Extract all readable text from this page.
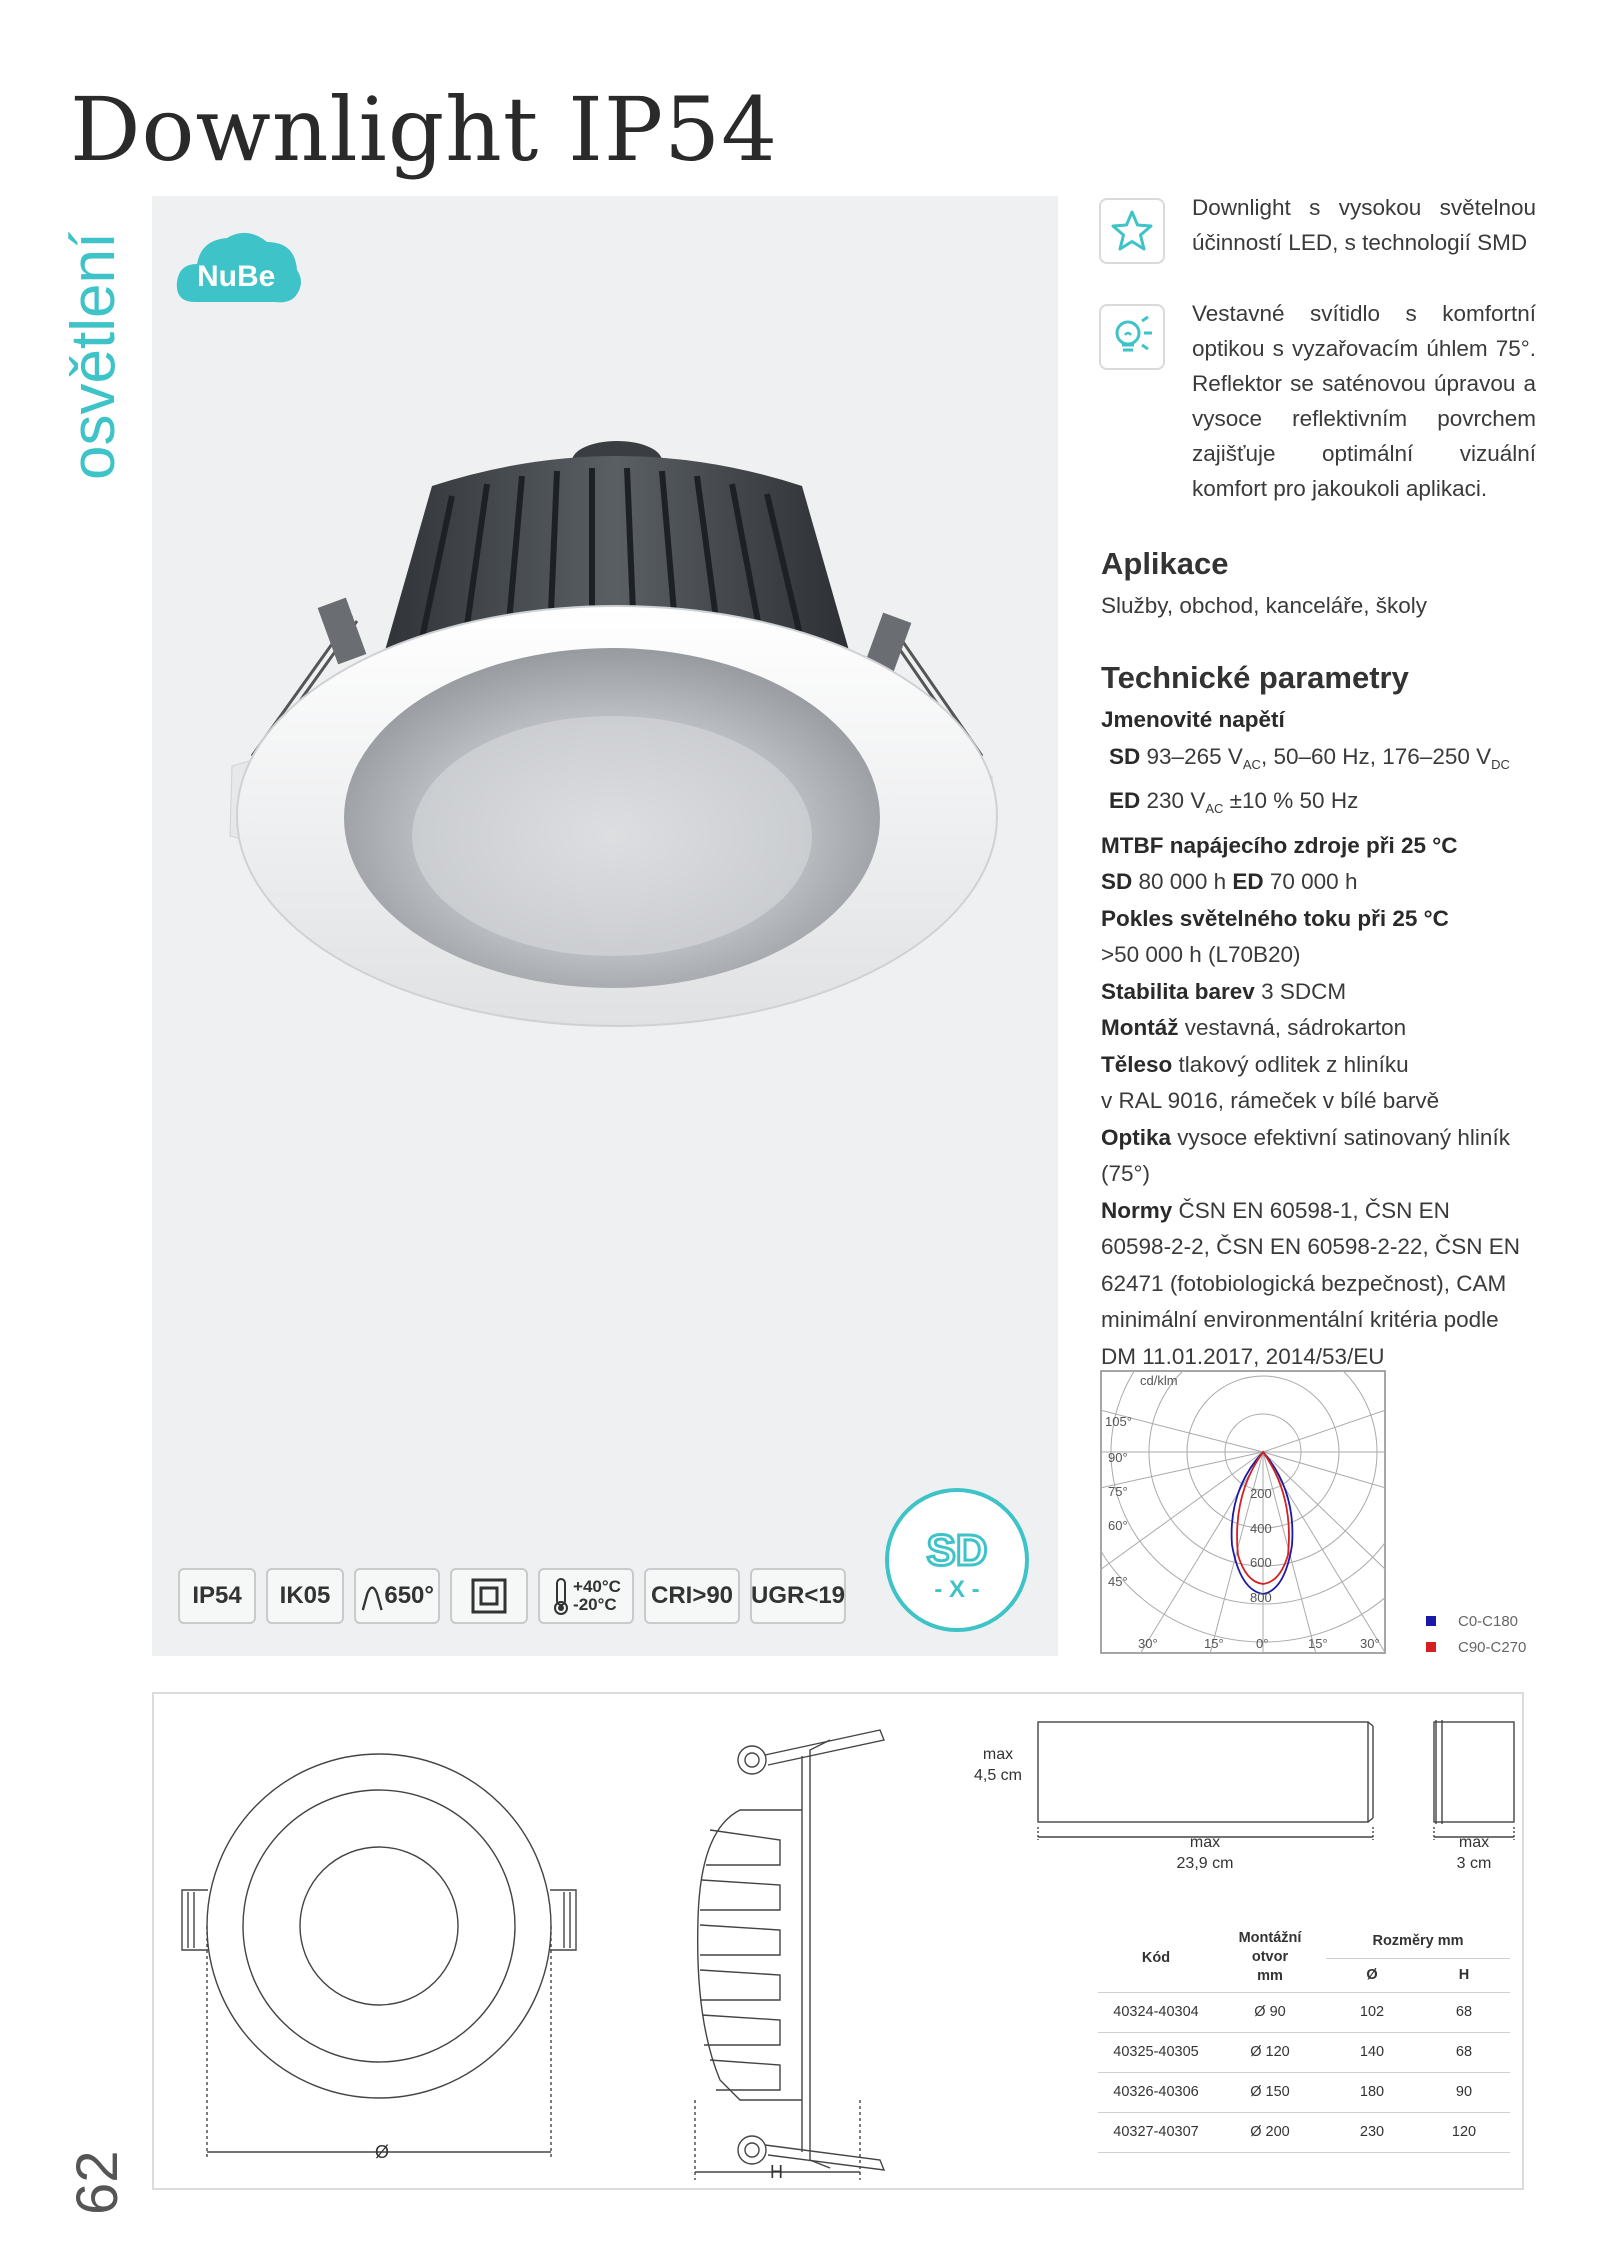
Downlight IP54
osvětlení
62
NuBe
IP54	IK05	650°	+40°C
-20°C CRI>90 UGR<19
SD
- X -
Downlight s vysokou světelnou účinností LED, s technologií SMD
Vestavné svítidlo s komfortní optikou s vyzařovacím úhlem 75°. Reflektor se saténovou úpravou a vysoce reflektivním povrchem zajišťuje optimální vizuální komfort pro jakoukoli aplikaci.
Aplikace
Služby, obchod, kanceláře, školy
Technické parametry
Jmenovité napětí
SD 93–265 $V_{AC}$, 50–60 Hz, 176–250 $V_{DC}$
ED 230 $V_{AC} \pm 10$ % 50 Hz
MTBF napájecího zdroje při 25 °C
SD 80 000 h ED 70 000 h
Pokles světelného toku při 25 °C
>50 000 h (L70B20)
Stabilita barev 3 SDCM
Montáž vestavná, sádrokarton
Těleso tlakový odlitek z hliníku
v RAL 9016, rámeček v bílé barvě
Optika vysoce efektivní satinovaný hliník
(75°)
Normy ČSN EN 60598-1, ČSN EN
60598-2-2, ČSN EN 60598-2-22, ČSN EN
62471 (fotobiologická bezpečnost), CAM
minimální environmentální kritéria podle
DM 11.01.2017, 2014/53/EU
cd/klm
105°
90°
75°
60°
45°
200
400
600
800
30°	15° 0°	15° 30°
C0-C180
C90-C270
Ø
H
max
4,5 cm
max
23,9 cm
max
3 cm
Kód	Montážní
otvor
mm	Rozměry mm	
		Ø	H
40324-40304	Ø 90	102	68
40325-40305	Ø 120	140	68
40326-40306	Ø 150	180	90
40327-40307	Ø 200	230	120
